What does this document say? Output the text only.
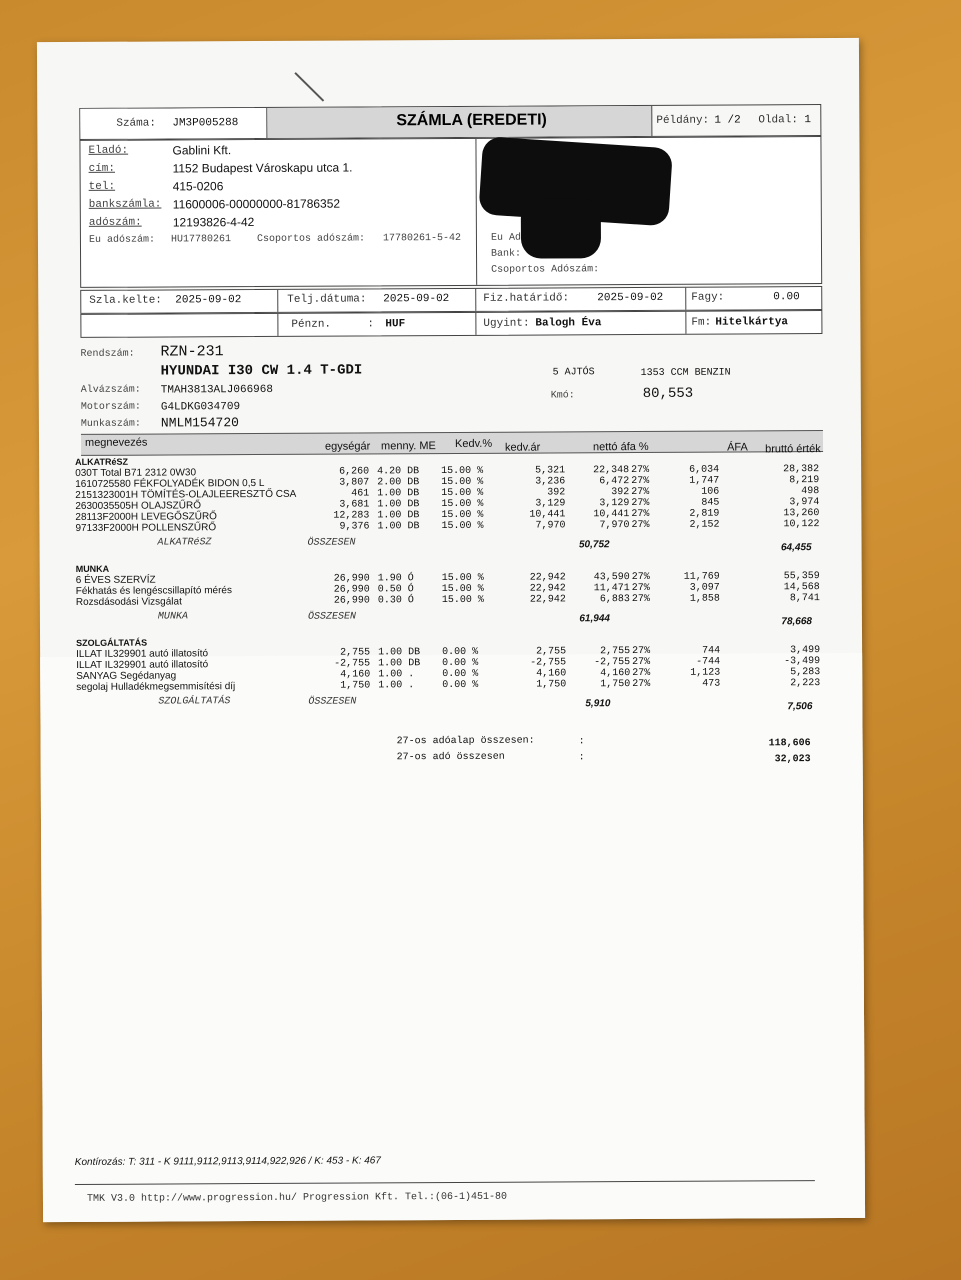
Száma: JM3P005288	SZÁMLA (EREDETI)	Példány: 1 /2 Oldal: 1
Eladó:	Gablini Kft.
cím:	1152 Budapest Városkapu utca 1.
tel:	415-0206
bankszámla: 11600006-00000000-81786352
adószám:	12193826-4-42
Eu adószám: HU17780261	Csoportos adószám: 17780261-5-42	Eu Ad
Bank:
Csoportos Adószám:
Szla.kelte: 2025-09-02	Telj.dátuma: 2025-09-02	Fiz.határidő:	2025-09-02	Fagy:	0.00
Pénzn.	: HUF	Ugyint: Balogh Éva	Fm: Hitelkártya
Rendszám: RZN-231
HYUNDAI I30 CW 1.4 T-GDI	5 AJTÓS	1353 CCM BENZIN
Alvázszám: TMAH3813ALJ066968
Motorszám: G4LDKG034709
Kmó:	80,553
Munkaszám: NMLM154720
megnevezés	egységár menny. ME Kedv.% kedv.ár	nettó áfa %	ÁFA bruttó érték
ALKATRéSZ
030T Total B71 2312 0W30	6,260 4.20 DB	15.00 %	5,321	22,348 27%	6,034	28,382
1610725580 FÉKFOLYADÉK BIDON 0,5 L	3,807 2.00 DB	15.00 %	3,236	6,472 27%	1,747	8,219
2151323001H TÖMÍTÉS-OLAJLEERESZTŐ CSA	461 1.00 DB	15.00 %	392	392 27%	106	498
2630035505H OLAJSZŰRŐ	3,681 1.00 DB	15.00 %	3,129	3,129 27%	845	3,974
28113F2000H LEVEGŐSZŰRŐ	12,283 1.00 DB	15.00 %	10,441	10,441 27%	2,819	13,260
97133F2000H POLLENSZŰRŐ	9,376 1.00 DB	15.00 %	7,970	7,970 27%	2,152	10,122
ALKATRéSZ	ÖSSZESEN	50,752	64,455
MUNKA
6 ÉVES SZERVÍZ	26,990 1.90 Ó	15.00 %	22,942	43,590 27%	11,769	55,359
Fékhatás és lengéscsillapító mérés	26,990 0.50 Ó	15.00 %	22,942	11,471 27%	3,097	14,568
Rozsdásodási Vizsgálat	26,990 0.30 Ó	15.00 %	22,942	6,883 27%	1,858	8,741
MUNKA	ÖSSZESEN	61,944	78,668
SZOLGÁLTATÁS
ILLAT IL329901 autó illatosító	2,755 1.00 DB	0.00 %	2,755	2,755 27%	744	3,499
ILLAT IL329901 autó illatosító	-2,755 1.00 DB	0.00 %	-2,755	-2,755 27%	-744	-3,499
SANYAG Segédanyag	4,160 1.00 .	0.00 %	4,160	4,160 27%	1,123	5,283
segolaj Hulladékmegsemmisítési díj	1,750 1.00 .	0.00 %	1,750	1,750 27%	473	2,223
SZOLGÁLTATÁS	ÖSSZESEN	5,910	7,506
27-os adóalap összesen:	:	118,606
27-os adó összesen	:	32,023
Kontírozás: T: 311 - K 9111,9112,9113,9114,922,926 / K: 453 - K: 467
TMK V3.0 http://www.progression.hu/ Progression Kft. Tel.:(06-1)451-80
